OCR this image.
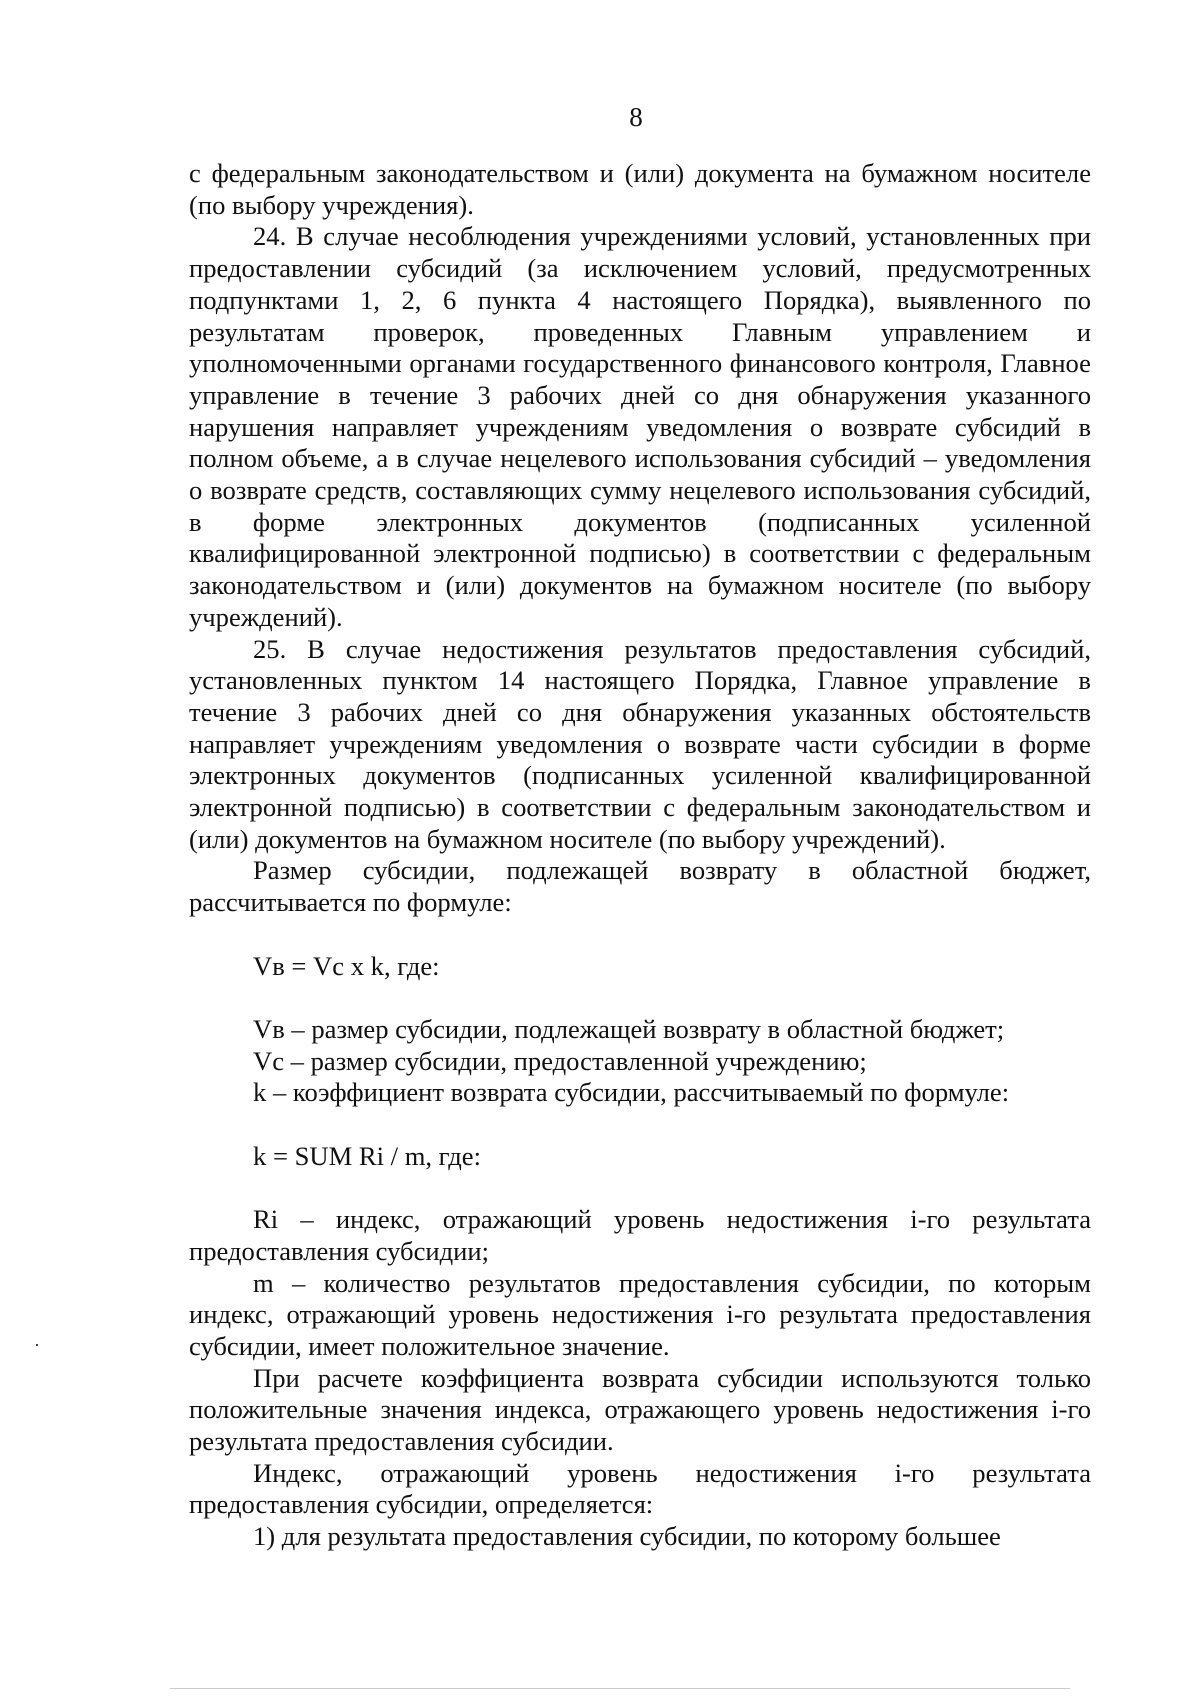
8

с федеральным законодательством и (или) документа на бумажном носителе (по выбору учреждения).

24. В случае несоблюдения учреждениями условий, установленных при предоставлении субсидий (за исключением условий, предусмотренных подпунктами 1, 2, 6 пункта 4 настоящего Порядка), выявленного по результатам проверок, проведенных Главным управлением и уполномоченными органами государственного финансового контроля, Главное управление в течение 3 рабочих дней со дня обнаружения указанного нарушения направляет учреждениям уведомления о возврате субсидий в полном объеме, а в случае нецелевого использования субсидий – уведомления о возврате средств, составляющих сумму нецелевого использования субсидий, в форме электронных документов (подписанных усиленной квалифицированной электронной подписью) в соответствии с федеральным законодательством и (или) документов на бумажном носителе (по выбору учреждений).

25. В случае недостижения результатов предоставления субсидий, установленных пунктом 14 настоящего Порядка, Главное управление в течение 3 рабочих дней со дня обнаружения указанных обстоятельств направляет учреждениям уведомления о возврате части субсидии в форме электронных документов (подписанных усиленной квалифицированной электронной подписью) в соответствии с федеральным законодательством и (или) документов на бумажном носителе (по выбору учреждений).

Размер субсидии, подлежащей возврату в областной бюджет, рассчитывается по формуле:

Vв = Vс x k, где:

Vв – размер субсидии, подлежащей возврату в областной бюджет;

Vс – размер субсидии, предоставленной учреждению;

k – коэффициент возврата субсидии, рассчитываемый по формуле:

k = SUM Ri / m, где:

Ri – индекс, отражающий уровень недостижения i-го результата предоставления субсидии;

m – количество результатов предоставления субсидии, по которым индекс, отражающий уровень недостижения i-го результата предоставления субсидии, имеет положительное значение.

При расчете коэффициента возврата субсидии используются только положительные значения индекса, отражающего уровень недостижения i-го результата предоставления субсидии.

Индекс, отражающий уровень недостижения i-го результата предоставления субсидии, определяется:

1) для результата предоставления субсидии, по которому большее
